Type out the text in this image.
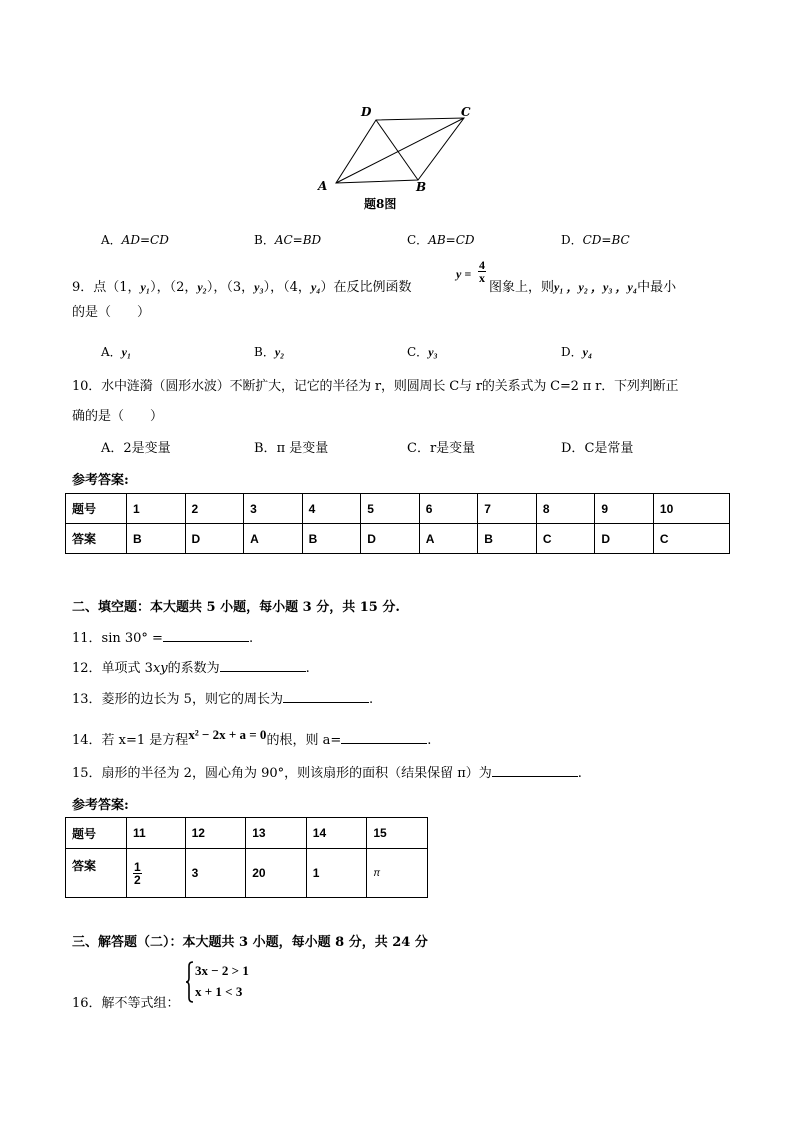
A	B
C
D
题8图
A．AD=CD	B．AC=BD	C．AB=CD	D．CD=BC
9．点（1，y₁），（2，y₂），（3，y₃），（4，y₄）在反比例函数
$y = \frac{4}{x}$
图象上，则y₁ ，y₂ ，y₃ ，y₄中最小
的是（　　）
A．y₁	B．y₂	C．y₃	D．y₄
10．水中涟漪（圆形水波）不断扩大，记它的半径为 r，则圆周长 C与 r的关系式为 C=2 π r．下列判断正
确的是（　　）
A．2是变量	B．π 是变量	C．r是变量	D．C是常量
参考答案:
题号	1	2	3	4	5	6	7	8	9	10
答案	B	D	A	B	D	A	B	C	D	C
二、填空题：本大题共 5 小题，每小题 3 分，共 15 分.
11．sin 30° =	.
12．单项式 3xy的系数为	.
13．菱形的边长为 5，则它的周长为	.
14．若 x=1 是方程x² − 2x + a = 0的根，则 a=	.
15．扇形的半径为 2，圆心角为 90°，则该扇形的面积（结果保留 π）为	.
参考答案:
题号	11	12	13	14	15
答案	$\frac{1}{2}$	3	20	1	π
三、解答题（二）：本大题共 3 小题，每小题 8 分，共 24 分
16．解不等式组：
3x − 2 > 1
x + 1 < 3
